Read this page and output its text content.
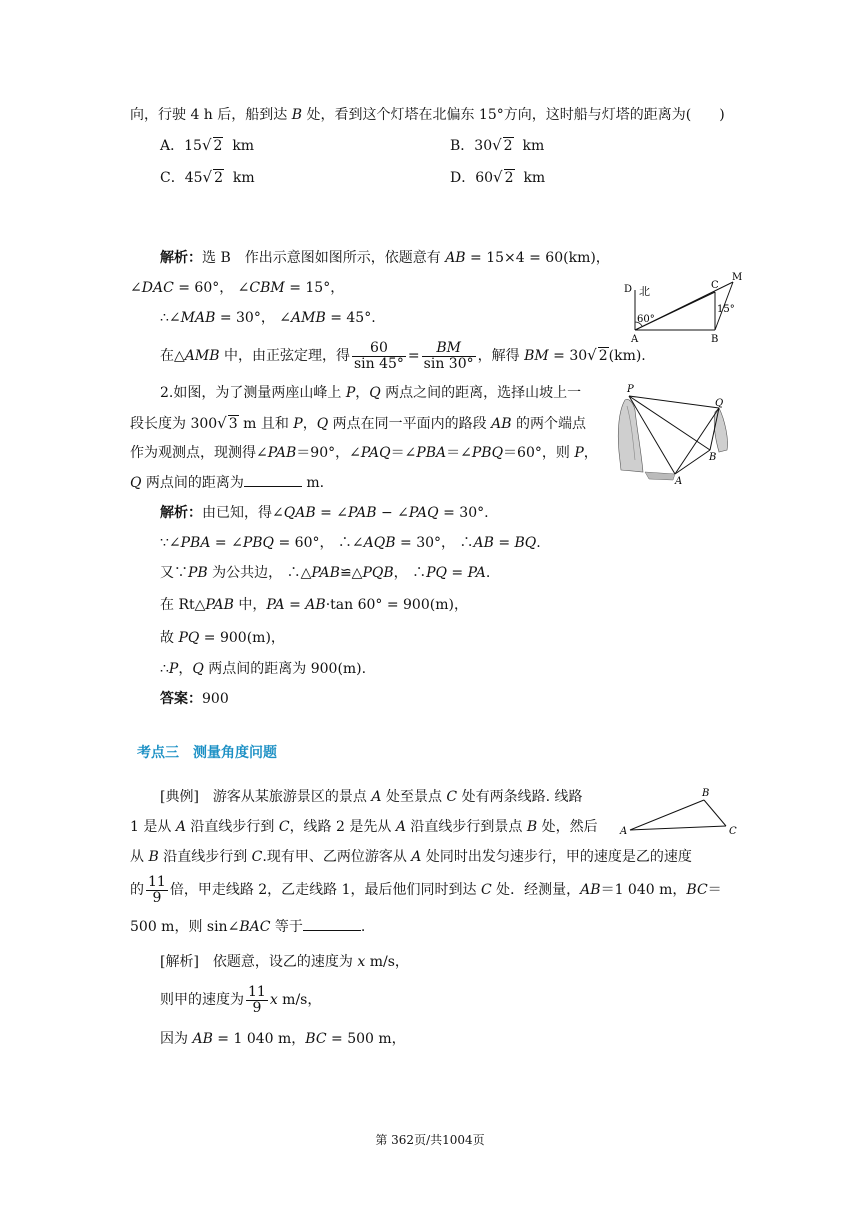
向，行驶 4 h 后，船到达 B 处，看到这个灯塔在北偏东 15°方向，这时船与灯塔的距离为(　　)
A．15√ 2 km	B．30√ 2 km
C．45√ 2 km	D．60√ 2 km
解析：选 B　作出示意图如图所示，依题意有 AB = 15×4 = 60(km)，
∠DAC = 60°， ∠CBM = 15°，
∴∠MAB = 30°， ∠AMB = 45°.
在△AMB 中，由正弦定理，得 $\frac{60}{\sin 45^\circ} = \frac{BM}{\sin 30^\circ}$ ，解得 BM = 30√ 2(km).
D 北	C
M
A	B
60°
15°
2.如图，为了测量两座山峰上 P，Q 两点之间的距离，选择山坡上一
段长度为 300√ 3 m 且和 P，Q 两点在同一平面内的路段 AB 的两个端点
作为观测点，现测得∠PAB＝90°，∠PAQ＝∠PBA＝∠PBQ＝60°，则 P，
Q 两点间的距离为	m.
P
Q
B
A
解析：由已知，得∠QAB = ∠PAB − ∠PAQ = 30°.
∵∠PBA = ∠PBQ = 60°， ∴∠AQB = 30°， ∴AB = BQ.
又∵PB 为公共边， ∴△PAB≌△PQB， ∴PQ = PA.
在 Rt△PAB 中，PA = AB·tan 60° = 900(m)，
故 PQ = 900(m)，
∴P，Q 两点间的距离为 900(m).
答案：900
考点三　测量角度问题
[典例]　游客从某旅游景区的景点 A 处至景点 C 处有两条线路. 线路
1 是从 A 沿直线步行到 C，线路 2 是先从 A 沿直线步行到景点 B 处，然后
从 B 沿直线步行到 C.现有甲、乙两位游客从 A 处同时出发匀速步行，甲的速度是乙的速度
的 $\frac{11}{9}$ 倍，甲走线路 2，乙走线路 1，最后他们同时到达 C 处．经测量，AB＝1 040 m，BC＝
500 m，则 sin∠BAC 等于	.
A
B
C
[解析]　依题意，设乙的速度为 x m/s，
则甲的速度为 $\frac{11}{9}$ x m/s，
因为 AB = 1 040 m，BC = 500 m，
第 362页/共1004页
